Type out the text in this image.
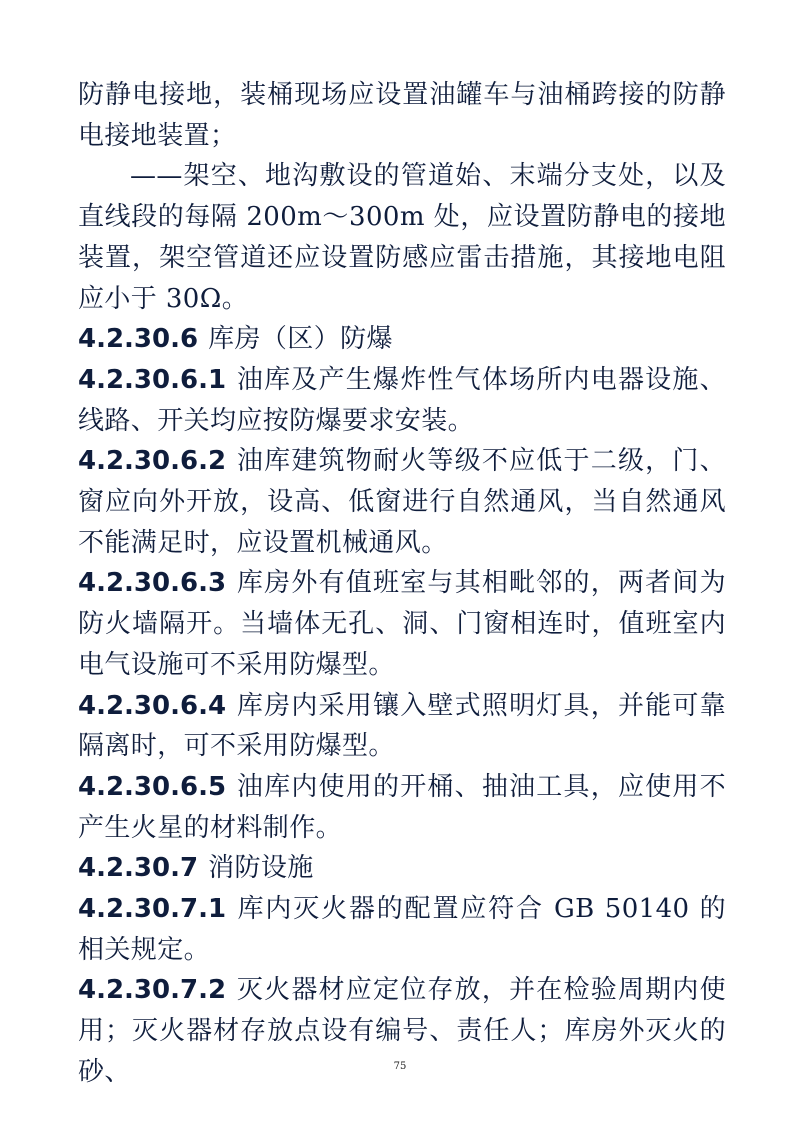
防静电接地，装桶现场应设置油罐车与油桶跨接的防静电接地装置；

——架空、地沟敷设的管道始、末端分支处，以及直线段的每隔 200m～300m 处，应设置防静电的接地装置，架空管道还应设置防感应雷击措施，其接地电阻应小于 30Ω。

4.2.30.6 库房（区）防爆

4.2.30.6.1 油库及产生爆炸性气体场所内电器设施、线路、开关均应按防爆要求安装。

4.2.30.6.2 油库建筑物耐火等级不应低于二级，门、窗应向外开放，设高、低窗进行自然通风，当自然通风不能满足时，应设置机械通风。

4.2.30.6.3 库房外有值班室与其相毗邻的，两者间为防火墙隔开。当墙体无孔、洞、门窗相连时，值班室内电气设施可不采用防爆型。

4.2.30.6.4 库房内采用镶入壁式照明灯具，并能可靠隔离时，可不采用防爆型。

4.2.30.6.5 油库内使用的开桶、抽油工具，应使用不产生火星的材料制作。

4.2.30.7 消防设施

4.2.30.7.1 库内灭火器的配置应符合 GB 50140 的相关规定。

4.2.30.7.2 灭火器材应定位存放，并在检验周期内使用；灭火器材存放点设有编号、责任人；库房外灭火的砂、	75
